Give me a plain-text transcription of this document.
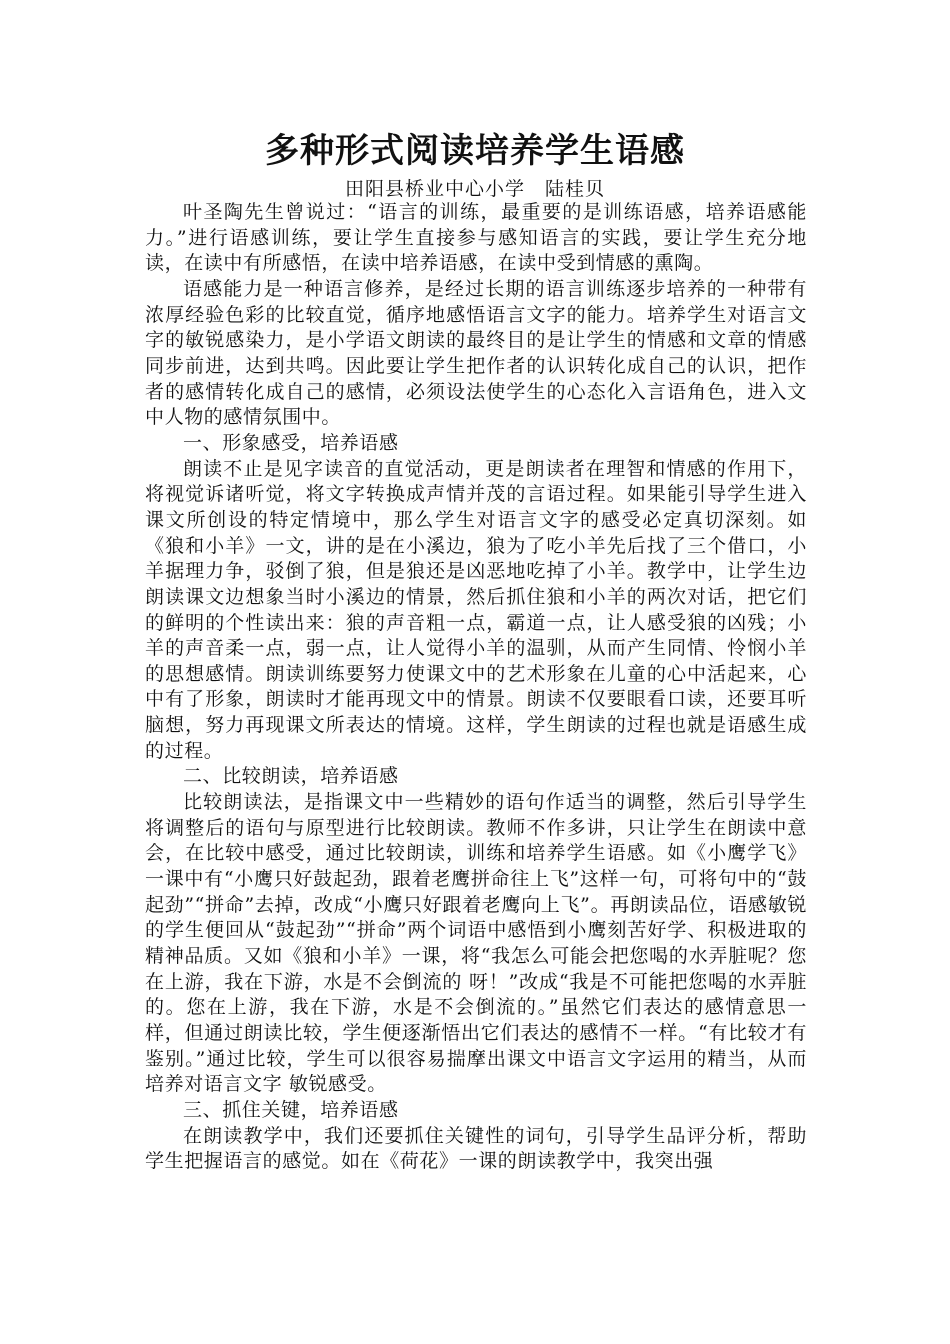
多种形式阅读培养学生语感
田阳县桥业中心小学　陆桂贝

叶圣陶先生曾说过：“语言的训练，最重要的是训练语感，培养语感能力。”进行语感训练，要让学生直接参与感知语言的实践，要让学生充分地读，在读中有所感悟，在读中培养语感，在读中受到情感的熏陶。

语感能力是一种语言修养，是经过长期的语言训练逐步培养的一种带有浓厚经验色彩的比较直觉，循序地感悟语言文字的能力。培养学生对语言文字的敏锐感染力，是小学语文朗读的最终目的是让学生的情感和文章的情感同步前进，达到共鸣。因此要让学生把作者的认识转化成自己的认识，把作者的感情转化成自己的感情，必须设法使学生的心态化入言语角色，进入文中人物的感情氛围中。

一、形象感受，培养语感

朗读不止是见字读音的直觉活动，更是朗读者在理智和情感的作用下，将视觉诉诸听觉，将文字转换成声情并茂的言语过程。如果能引导学生进入课文所创设的特定情境中，那么学生对语言文字的感受必定真切深刻。如《狼和小羊》一文，讲的是在小溪边，狼为了吃小羊先后找了三个借口，小羊据理力争，驳倒了狼，但是狼还是凶恶地吃掉了小羊。教学中，让学生边朗读课文边想象当时小溪边的情景，然后抓住狼和小羊的两次对话，把它们的鲜明的个性读出来：狼的声音粗一点，霸道一点，让人感受狼的凶残；小羊的声音柔一点，弱一点，让人觉得小羊的温驯，从而产生同情、怜悯小羊的思想感情。朗读训练要努力使课文中的艺术形象在儿童的心中活起来，心中有了形象，朗读时才能再现文中的情景。朗读不仅要眼看口读，还要耳听脑想，努力再现课文所表达的情境。这样，学生朗读的过程也就是语感生成的过程。

二、比较朗读，培养语感

比较朗读法，是指课文中一些精妙的语句作适当的调整，然后引导学生将调整后的语句与原型进行比较朗读。教师不作多讲，只让学生在朗读中意会，在比较中感受，通过比较朗读，训练和培养学生语感。如《小鹰学飞》一课中有“小鹰只好鼓起劲，跟着老鹰拼命往上飞”这样一句，可将句中的“鼓起劲”“拼命”去掉，改成“小鹰只好跟着老鹰向上飞”。再朗读品位，语感敏锐的学生便回从“鼓起劲”“拼命”两个词语中感悟到小鹰刻苦好学、积极进取的精神品质。又如《狼和小羊》一课，将“我怎么可能会把您喝的水弄脏呢？您在上游，我在下游，水是不会倒流的 呀！”改成“我是不可能把您喝的水弄脏的。您在上游，我在下游，水是不会倒流的。”虽然它们表达的感情意思一样，但通过朗读比较，学生便逐渐悟出它们表达的感情不一样。“有比较才有鉴别。”通过比较，学生可以很容易揣摩出课文中语言文字运用的精当，从而培养对语言文字 敏锐感受。

三、抓住关键，培养语感

在朗读教学中，我们还要抓住关键性的词句，引导学生品评分析，帮助学生把握语言的感觉。如在《荷花》一课的朗读教学中，我突出强
